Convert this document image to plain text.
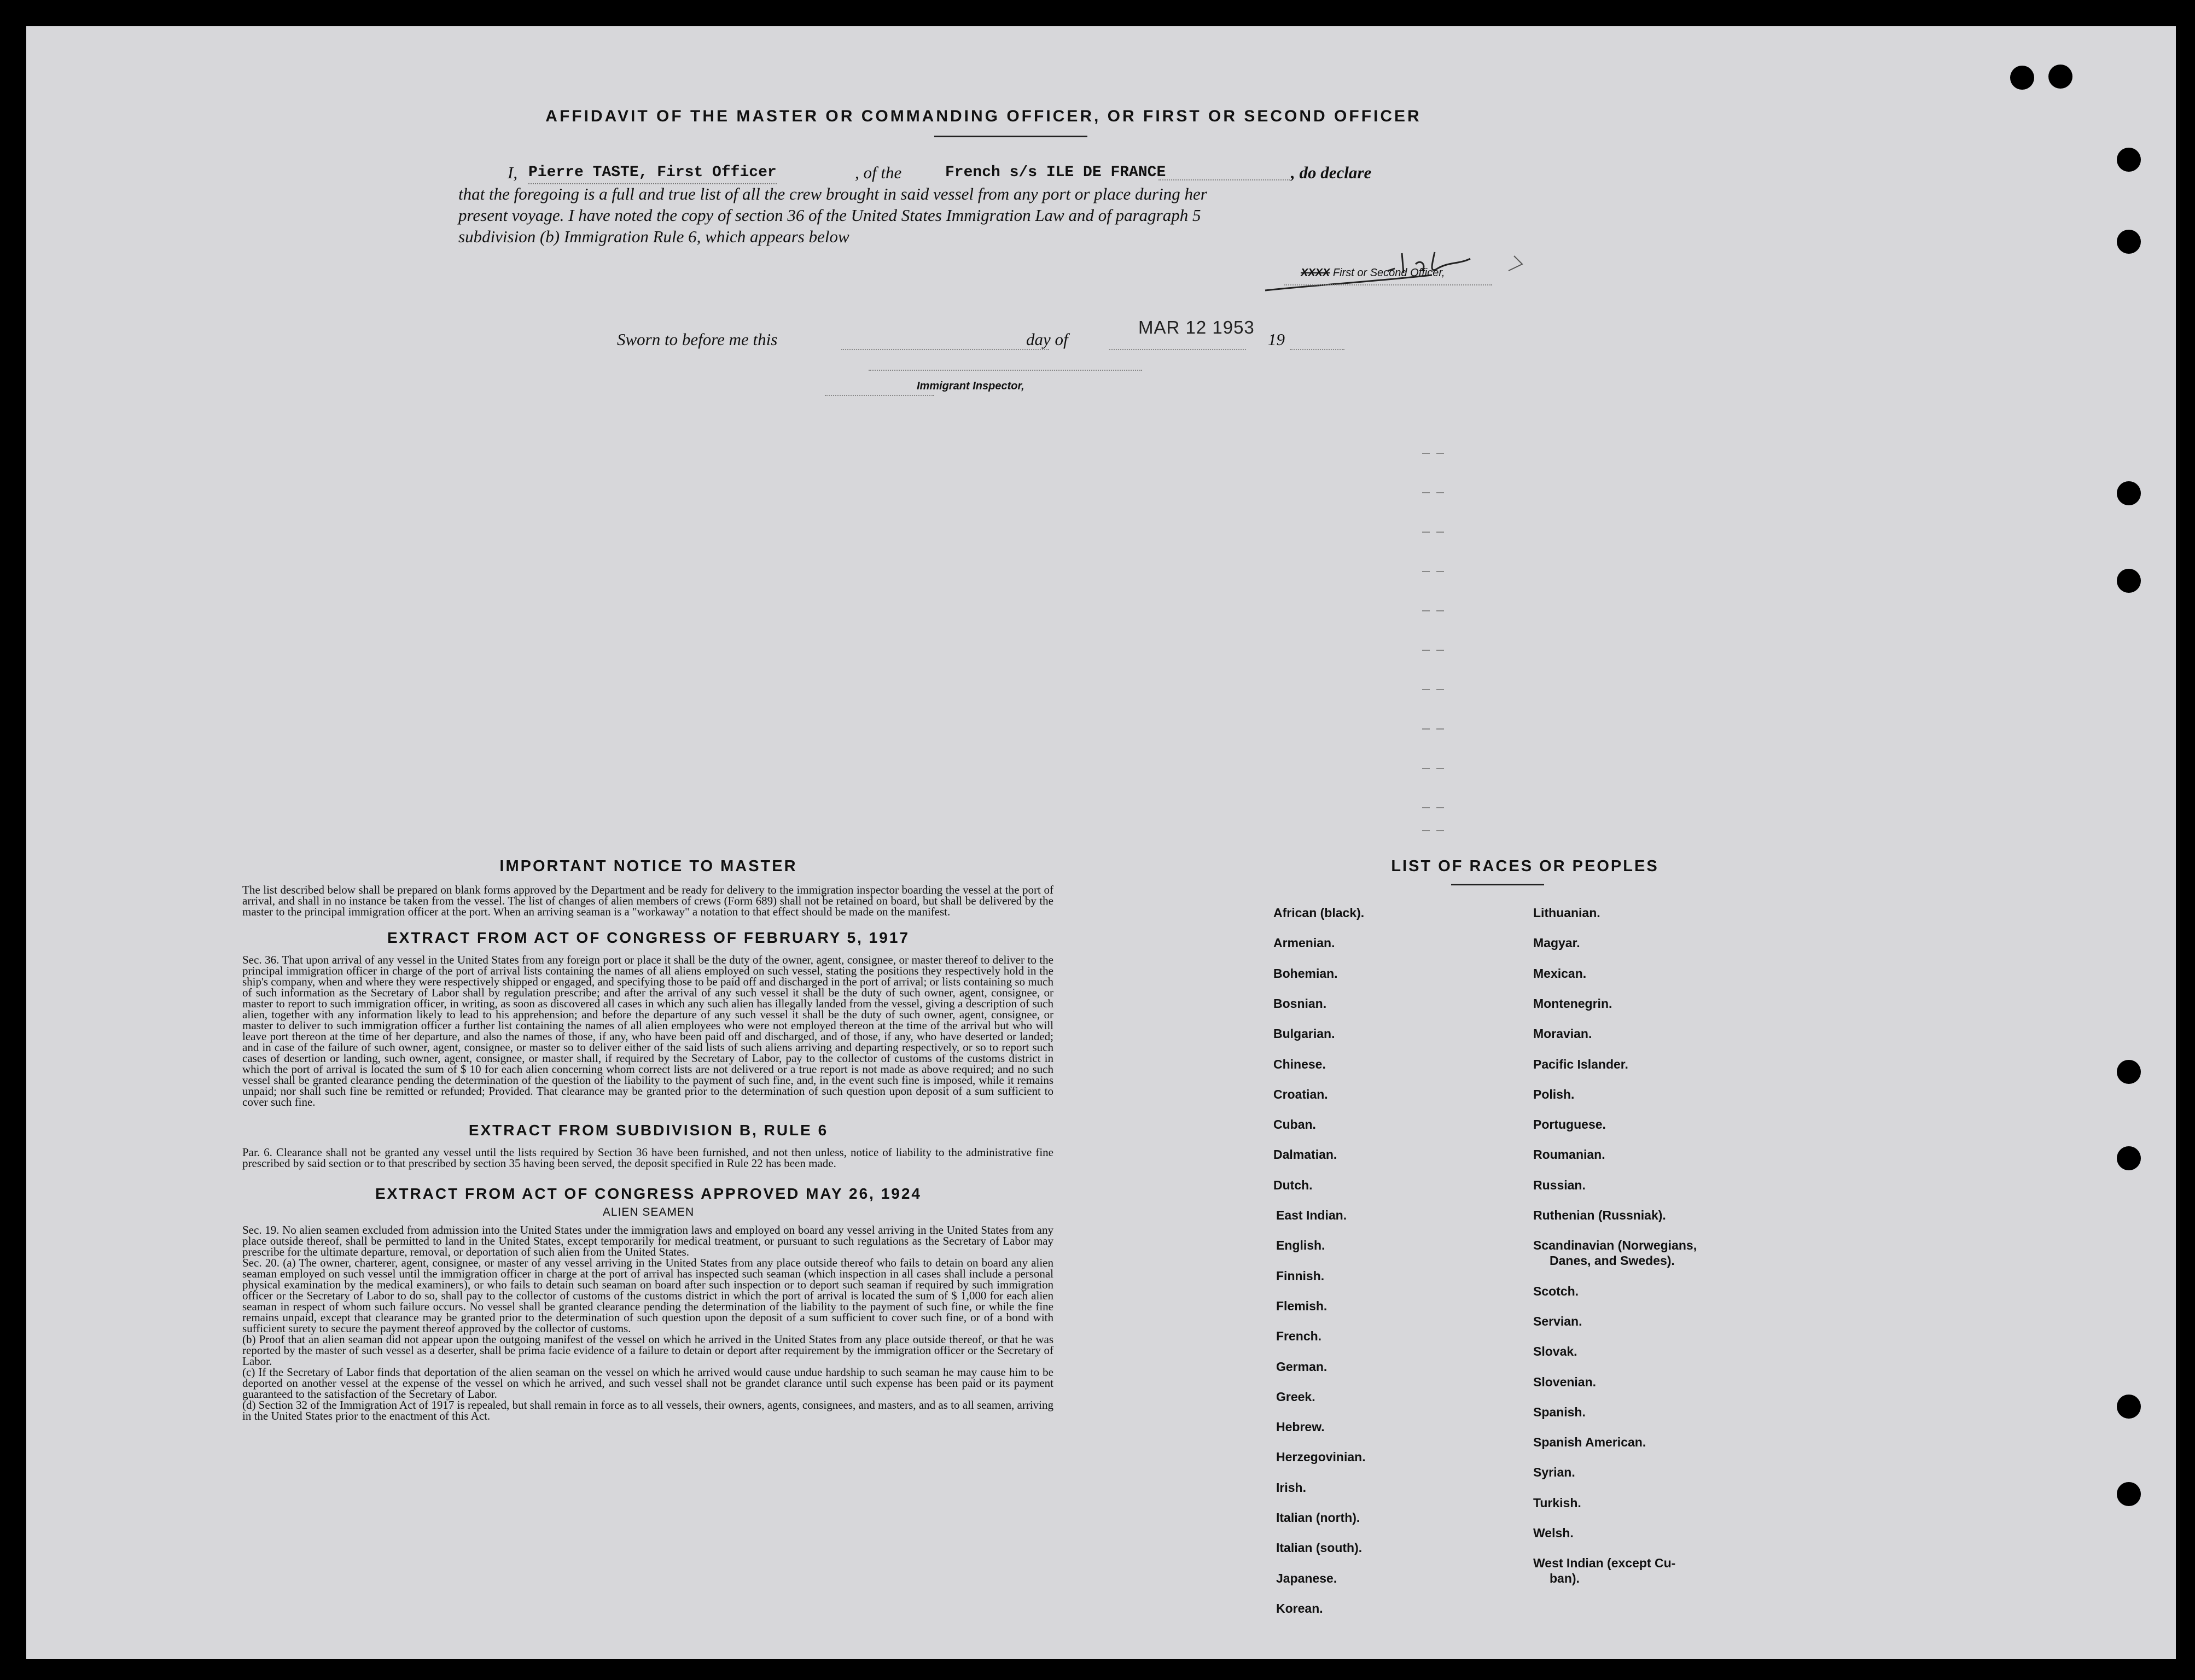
AFFIDAVIT OF THE MASTER OR COMMANDING OFFICER, OR FIRST OR SECOND OFFICER
I, Pierre TASTE, First Officer	, of the	French s/s ILE DE FRANCE	, do declare
that the foregoing is a full and true list of all the crew brought in said vessel from any port or place during her
present voyage. I have noted the copy of section 36 of the United States Immigration Law and of paragraph 5
subdivision (b) Immigration Rule 6, which appears below
XXXX First or Second Officer,
Sworn to before me this	day of
MAR 12 1953
19
Immigrant Inspector,
IMPORTANT NOTICE TO MASTER
The list described below shall be prepared on blank forms approved by the Department and be ready for delivery to the immigration inspector boarding the vessel at the port of arrival, and shall in no instance be taken from the vessel. The list of changes of alien members of crews (Form 689) shall not be retained on board, but shall be delivered by the master to the principal immigration officer at the port. When an arriving seaman is a "workaway" a notation to that effect should be made on the manifest.
EXTRACT FROM ACT OF CONGRESS OF FEBRUARY 5, 1917
Sec. 36. That upon arrival of any vessel in the United States from any foreign port or place it shall be the duty of the owner, agent, consignee, or master thereof to deliver to the principal immigration officer in charge of the port of arrival lists containing the names of all aliens employed on such vessel, stating the positions they respectively hold in the ship's company, when and where they were respectively shipped or engaged, and specifying those to be paid off and discharged in the port of arrival; or lists containing so much of such information as the Secretary of Labor shall by regulation prescribe; and after the arrival of any such vessel it shall be the duty of such owner, agent, consignee, or master to report to such immigration officer, in writing, as soon as discovered all cases in which any such alien has illegally landed from the vessel, giving a description of such alien, together with any information likely to lead to his apprehension; and before the departure of any such vessel it shall be the duty of such owner, agent, consignee, or master to deliver to such immigration officer a further list containing the names of all alien employees who were not employed thereon at the time of the arrival but who will leave port thereon at the time of her departure, and also the names of those, if any, who have been paid off and discharged, and of those, if any, who have deserted or landed; and in case of the failure of such owner, agent, consignee, or master so to deliver either of the said lists of such aliens arriving and departing respectively, or so to report such cases of desertion or landing, such owner, agent, consignee, or master shall, if required by the Secretary of Labor, pay to the collector of customs of the customs district in which the port of arrival is located the sum of $ 10 for each alien concerning whom correct lists are not delivered or a true report is not made as above required; and no such vessel shall be granted clearance pending the determination of the question of the liability to the payment of such fine, and, in the event such fine is imposed, while it remains unpaid; nor shall such fine be remitted or refunded; Provided. That clearance may be granted prior to the determination of such question upon deposit of a sum sufficient to cover such fine.
EXTRACT FROM SUBDIVISION B, RULE 6
Par. 6. Clearance shall not be granted any vessel until the lists required by Section 36 have been furnished, and not then unless, notice of liability to the administrative fine prescribed by said section or to that prescribed by section 35 having been served, the deposit specified in Rule 22 has been made.
EXTRACT FROM ACT OF CONGRESS APPROVED MAY 26, 1924
ALIEN SEAMEN
Sec. 19. No alien seamen excluded from admission into the United States under the immigration laws and employed on board any vessel arriving in the United States from any place outside thereof, shall be permitted to land in the United States, except temporarily for medical treatment, or pursuant to such regulations as the Secretary of Labor may prescribe for the ultimate departure, removal, or deportation of such alien from the United States.
Sec. 20. (a) The owner, charterer, agent, consignee, or master of any vessel arriving in the United States from any place outside thereof who fails to detain on board any alien seaman employed on such vessel until the immigration officer in charge at the port of arrival has inspected such seaman (which inspection in all cases shall include a personal physical examination by the medical examiners), or who fails to detain such seaman on board after such inspection or to deport such seaman if required by such immigration officer or the Secretary of Labor to do so, shall pay to the collector of customs of the customs district in which the port of arrival is located the sum of $ 1,000 for each alien seaman in respect of whom such failure occurs. No vessel shall be granted clearance pending the determination of the liability to the payment of such fine, or while the fine remains unpaid, except that clearance may be granted prior to the determination of such question upon the deposit of a sum sufficient to cover such fine, or of a bond with sufficient surety to secure the payment thereof approved by the collector of customs.
(b) Proof that an alien seaman did not appear upon the outgoing manifest of the vessel on which he arrived in the United States from any place outside thereof, or that he was reported by the master of such vessel as a deserter, shall be prima facie evidence of a failure to detain or deport after requirement by the immigration officer or the Secretary of Labor.
(c) If the Secretary of Labor finds that deportation of the alien seaman on the vessel on which he arrived would cause undue hardship to such seaman he may cause him to be deported on another vessel at the expense of the vessel on which he arrived, and such vessel shall not be grandet clarance until such expense has been paid or its payment guaranteed to the satisfaction of the Secretary of Labor.
(d) Section 32 of the Immigration Act of 1917 is repealed, but shall remain in force as to all vessels, their owners, agents, consignees, and masters, and as to all seamen, arriving in the United States prior to the enactment of this Act.
LIST OF RACES OR PEOPLES
African (black).
Armenian.
Bohemian.
Bosnian.
Bulgarian.
Chinese.
Croatian.
Cuban.
Dalmatian.
Dutch.
East Indian.
English.
Finnish.
Flemish.
French.
German.
Greek.
Hebrew.
Herzegovinian.
Irish.
Italian (north).
Italian (south).
Japanese.
Korean.
Lithuanian.
Magyar.
Mexican.
Montenegrin.
Moravian.
Pacific Islander.
Polish.
Portuguese.
Roumanian.
Russian.
Ruthenian (Russniak).
Scandinavian (Norwegians,
Danes, and Swedes).
Scotch.
Servian.
Slovak.
Slovenian.
Spanish.
Spanish American.
Syrian.
Turkish.
Welsh.
West Indian (except Cu-
ban).
